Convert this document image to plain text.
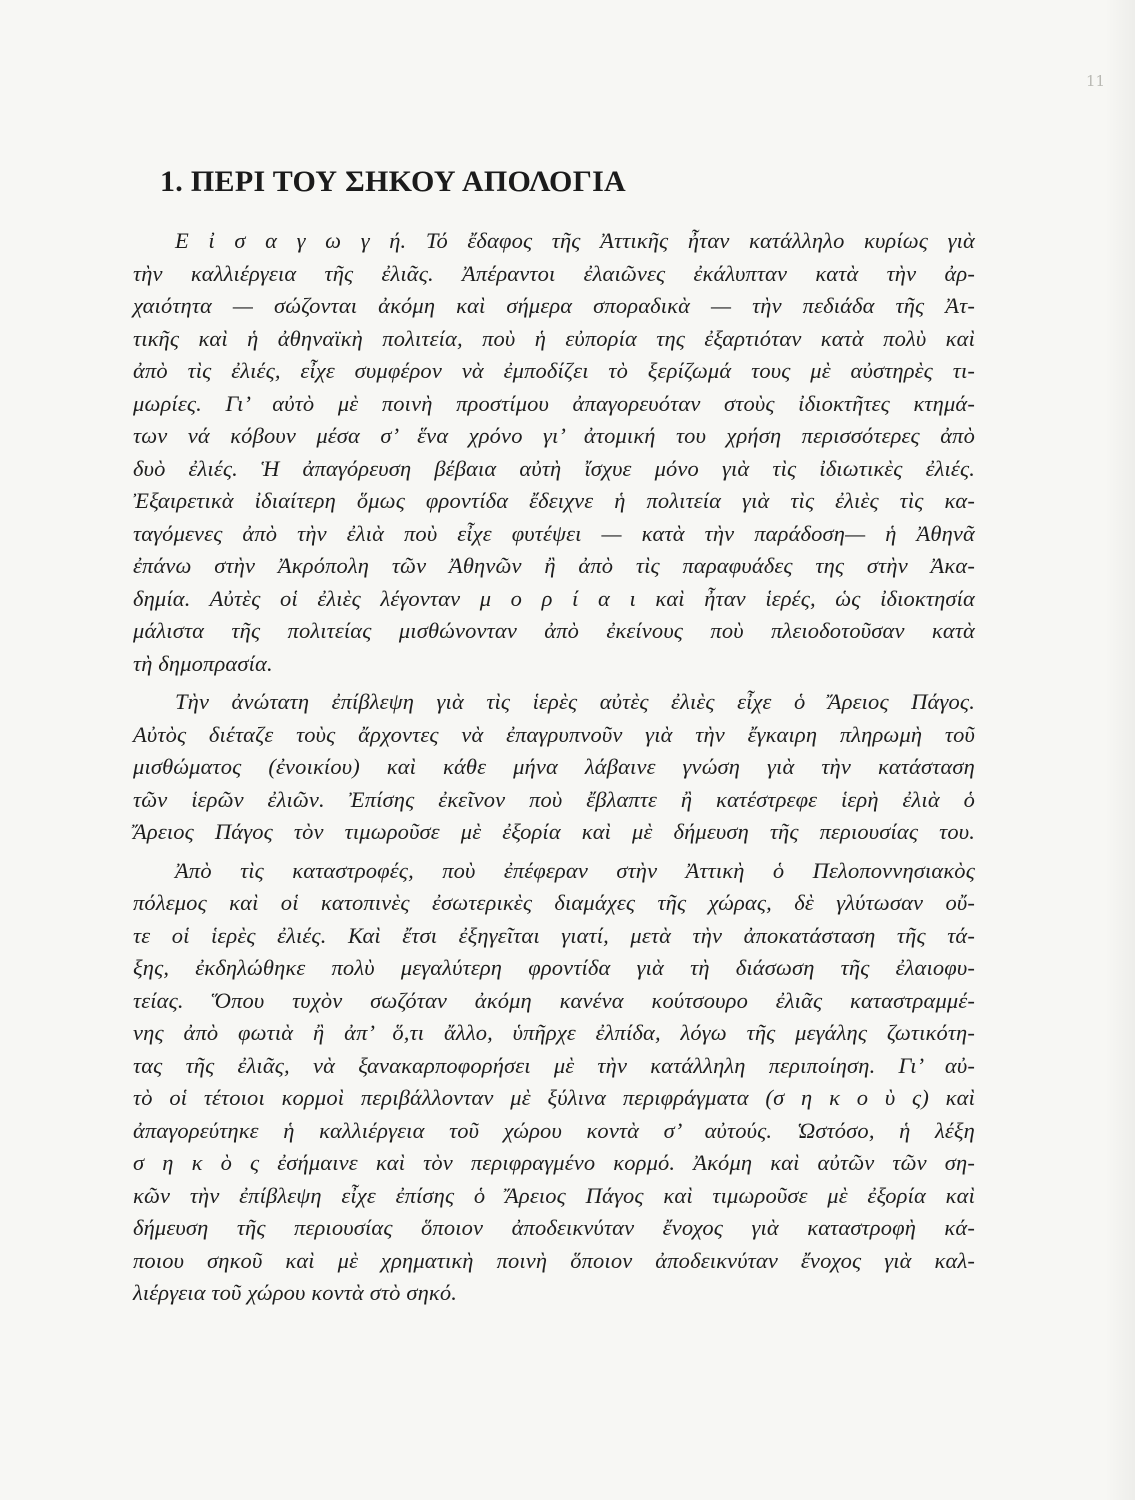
11
1. ΠΕΡΙ ΤΟΥ ΣΗΚΟΥ ΑΠΟΛΟΓΙΑ
Ε ἰ σ α γ ω γ ή. Τό ἔδαφος τῆς Ἀττικῆς ἦταν κατάλληλο κυρίως γιὰ
τὴν καλλιέργεια τῆς ἐλιᾶς. Ἀπέραντοι ἐλαιῶνες ἐκάλυπταν κατὰ τὴν ἀρ-
χαιότητα — σώζονται ἀκόμη καὶ σήμερα σποραδικὰ — τὴν πεδιάδα τῆς Ἀτ-
τικῆς καὶ ἡ ἀθηναϊκὴ πολιτεία, ποὺ ἡ εὐπορία της ἐξαρτιόταν κατὰ πολὺ καὶ
ἀπὸ τὶς ἐλιές, εἶχε συμφέρον νὰ ἐμποδίζει τὸ ξερίζωμά τους μὲ αὐστηρὲς τι-
μωρίες. Γι’ αὐτὸ μὲ ποινὴ προστίμου ἀπαγορευόταν στοὺς ἰδιοκτῆτες κτημά-
των νά κόβουν μέσα σ’ ἕνα χρόνο γι’ ἀτομική του χρήση περισσότερες ἀπὸ
δυὸ ἐλιές. Ἡ ἀπαγόρευση βέβαια αὐτὴ ἴσχυε μόνο γιὰ τὶς ἰδιωτικὲς ἐλιές.
Ἐξαιρετικὰ ἰδιαίτερη ὅμως φροντίδα ἔδειχνε ἡ πολιτεία γιὰ τὶς ἐλιὲς τὶς κα-
ταγόμενες ἀπὸ τὴν ἐλιὰ ποὺ εἶχε φυτέψει — κατὰ τὴν παράδοση— ἡ Ἀθηνᾶ
ἐπάνω στὴν Ἀκρόπολη τῶν Ἀθηνῶν ἢ ἀπὸ τὶς παραφυάδες της στὴν Ἀκα-
δημία. Αὐτὲς οἱ ἐλιὲς λέγονταν μ ο ρ ί α ι καὶ ἦταν ἱερές, ὡς ἰδιοκτησία
μάλιστα τῆς πολιτείας μισθώνονταν ἀπὸ ἐκείνους ποὺ πλειοδοτοῦσαν κατὰ
τὴ δημοπρασία.
Τὴν ἀνώτατη ἐπίβλεψη γιὰ τὶς ἱερὲς αὐτὲς ἐλιὲς εἶχε ὁ Ἄρειος Πάγος.
Αὐτὸς διέταζε τοὺς ἄρχοντες νὰ ἐπαγρυπνοῦν γιὰ τὴν ἔγκαιρη πληρωμὴ τοῦ
μισθώματος (ἐνοικίου) καὶ κάθε μήνα λάβαινε γνώση γιὰ τὴν κατάσταση
τῶν ἱερῶν ἐλιῶν. Ἐπίσης ἐκεῖνον ποὺ ἔβλαπτε ἢ κατέστρεφε ἱερὴ ἐλιὰ ὁ
Ἄρειος Πάγος τὸν τιμωροῦσε μὲ ἐξορία καὶ μὲ δήμευση τῆς περιουσίας του.
Ἀπὸ τὶς καταστροφές, ποὺ ἐπέφεραν στὴν Ἀττικὴ ὁ Πελοποννησιακὸς
πόλεμος καὶ οἱ κατοπινὲς ἐσωτερικὲς διαμάχες τῆς χώρας, δὲ γλύτωσαν οὔ-
τε οἱ ἱερὲς ἐλιές. Καὶ ἔτσι ἐξηγεῖται γιατί, μετὰ τὴν ἀποκατάσταση τῆς τά-
ξης, ἐκδηλώθηκε πολὺ μεγαλύτερη φροντίδα γιὰ τὴ διάσωση τῆς ἐλαιοφυ-
τείας. Ὅπου τυχὸν σωζόταν ἀκόμη κανένα κούτσουρο ἐλιᾶς καταστραμμέ-
νης ἀπὸ φωτιὰ ἢ ἀπ’ ὅ,τι ἄλλο, ὑπῆρχε ἐλπίδα, λόγω τῆς μεγάλης ζωτικότη-
τας τῆς ἐλιᾶς, νὰ ξανακαρποφορήσει μὲ τὴν κατάλληλη περιποίηση. Γι’ αὐ-
τὸ οἱ τέτοιοι κορμοὶ περιβάλλονταν μὲ ξύλινα περιφράγματα (σ η κ ο ὺ ς) καὶ
ἀπαγορεύτηκε ἡ καλλιέργεια τοῦ χώρου κοντὰ σ’ αὐτούς. Ὡστόσο, ἡ λέξη
σ η κ ὸ ς ἐσήμαινε καὶ τὸν περιφραγμένο κορμό. Ἀκόμη καὶ αὐτῶν τῶν ση-
κῶν τὴν ἐπίβλεψη εἶχε ἐπίσης ὁ Ἄρειος Πάγος καὶ τιμωροῦσε μὲ ἐξορία καὶ
δήμευση τῆς περιουσίας ὅποιον ἀποδεικνύταν ἔνοχος γιὰ καταστροφὴ κά-
ποιου σηκοῦ καὶ μὲ χρηματικὴ ποινὴ ὅποιον ἀποδεικνύταν ἔνοχος γιὰ καλ-
λιέργεια τοῦ χώρου κοντὰ στὸ σηκό.
